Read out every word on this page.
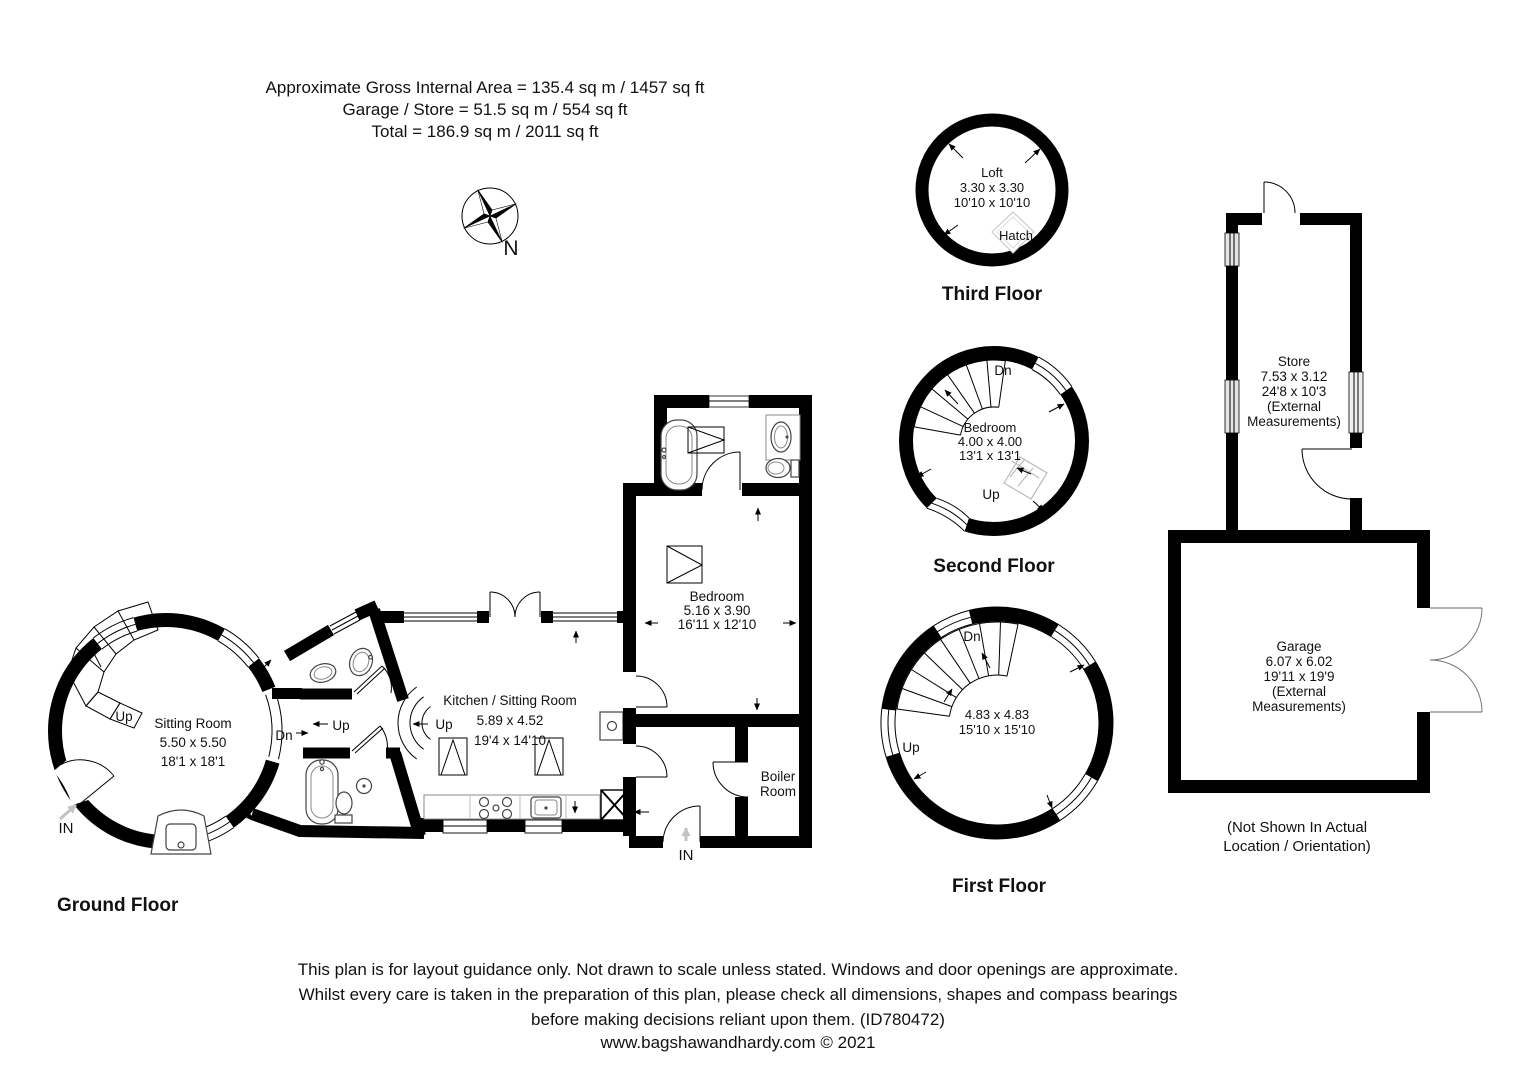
Approximate Gross Internal Area = 135.4 sq m / 1457 sq ft
Garage / Store = 51.5 sq m / 554 sq ft
Total = 186.9 sq m / 2011 sq ft
N
Loft
3.30 x 3.30
10'10 x 10'10
Hatch
Third Floor
Dn
Up
Bedroom
4.00 x 4.00
13'1 x 13'1
Second Floor
Dn
Up
4.83 x 4.83
15'10 x 15'10
First Floor
Store
7.53 x 3.12
24'8 x 10'3
(External
Measurements)
Garage
6.07 x 6.02
19'11 x 19'9
(External
Measurements)
(Not Shown In Actual
Location / Orientation)
Up Sitting Room
5.50 x 5.50
18'1 x 18'1
IN
Dn
Up	Up
Kitchen / Sitting Room
5.89 x 4.52
19'4 x 14'10
Bedroom
5.16 x 3.90
16'11 x 12'10
Boiler
Room
IN
Ground Floor
This plan is for layout guidance only. Not drawn to scale unless stated. Windows and door openings are approximate.
Whilst every care is taken in the preparation of this plan, please check all dimensions, shapes and compass bearings
before making decisions reliant upon them. (ID780472)
www.bagshawandhardy.com © 2021
